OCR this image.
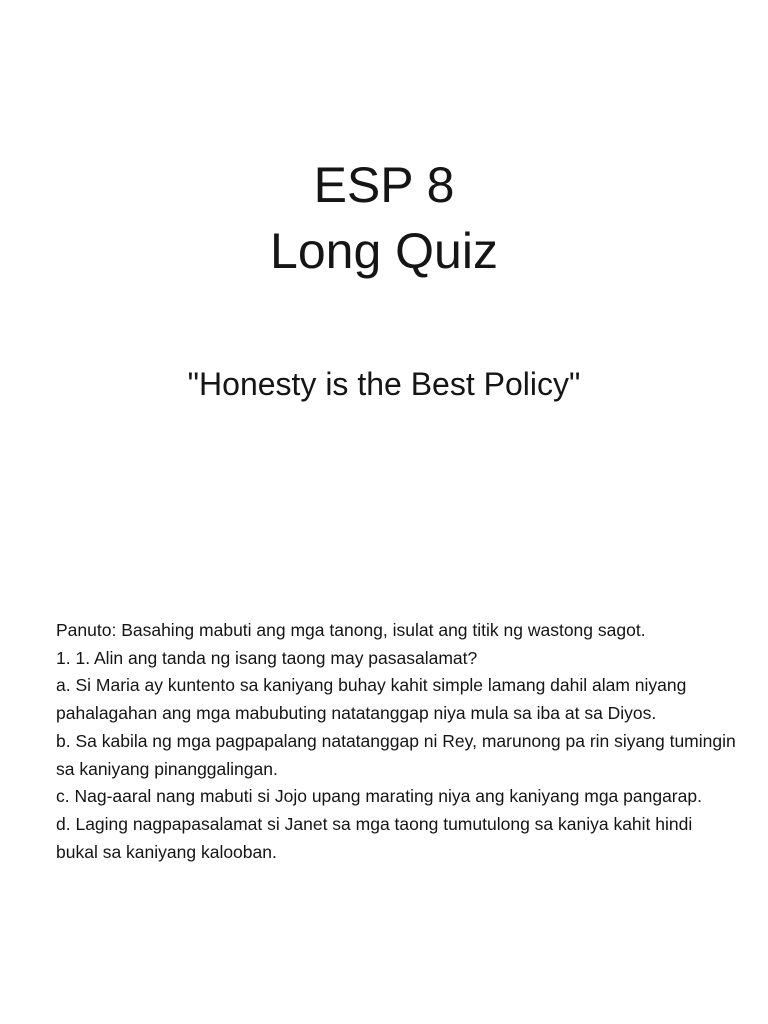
ESP 8
Long Quiz
"Honesty is the Best Policy"

Panuto: Basahing mabuti ang mga tanong, isulat ang titik ng wastong sagot.

1. 1. Alin ang tanda ng isang taong may pasasalamat?

a. Si Maria ay kuntento sa kaniyang buhay kahit simple lamang dahil alam niyang pahalagahan ang mga mabubuting natatanggap niya mula sa iba at sa Diyos.

b. Sa kabila ng mga pagpapalang natatanggap ni Rey, marunong pa rin siyang tumingin sa kaniyang pinanggalingan.

c. Nag-aaral nang mabuti si Jojo upang marating niya ang kaniyang mga pangarap.

d. Laging nagpapasalamat si Janet sa mga taong tumutulong sa kaniya kahit hindi bukal sa kaniyang kalooban.
